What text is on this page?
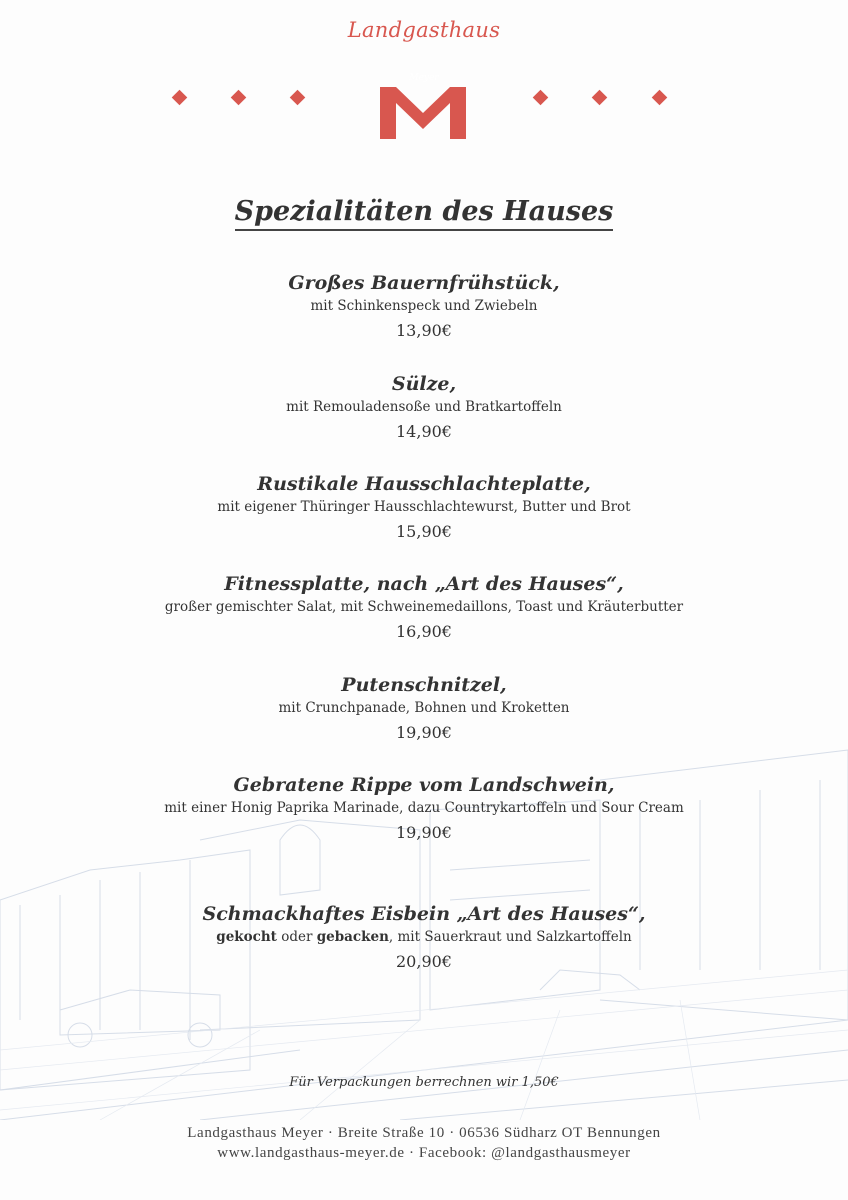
Landgasthaus
Meyer
Spezialitäten des Hauses
Großes Bauernfrühstück,
mit Schinkenspeck und Zwiebeln
13,90€
Sülze,
mit Remouladensoße und Bratkartoffeln
14,90€
Rustikale Hausschlachteplatte,
mit eigener Thüringer Hausschlachtewurst, Butter und Brot
15,90€
Fitnessplatte, nach „Art des Hauses“,
großer gemischter Salat, mit Schweinemedaillons, Toast und Kräuterbutter
16,90€
Putenschnitzel,
mit Crunchpanade, Bohnen und Kroketten
19,90€
Gebratene Rippe vom Landschwein,
mit einer Honig Paprika Marinade, dazu Countrykartoffeln und Sour Cream
19,90€
Schmackhaftes Eisbein „Art des Hauses“,
gekocht oder gebacken, mit Sauerkraut und Salzkartoffeln
20,90€
Für Verpackungen berrechnen wir 1,50€
Landgasthaus Meyer · Breite Straße 10 · 06536 Südharz OT Bennungen
www.landgasthaus-meyer.de · Facebook: @landgasthausmeyer
